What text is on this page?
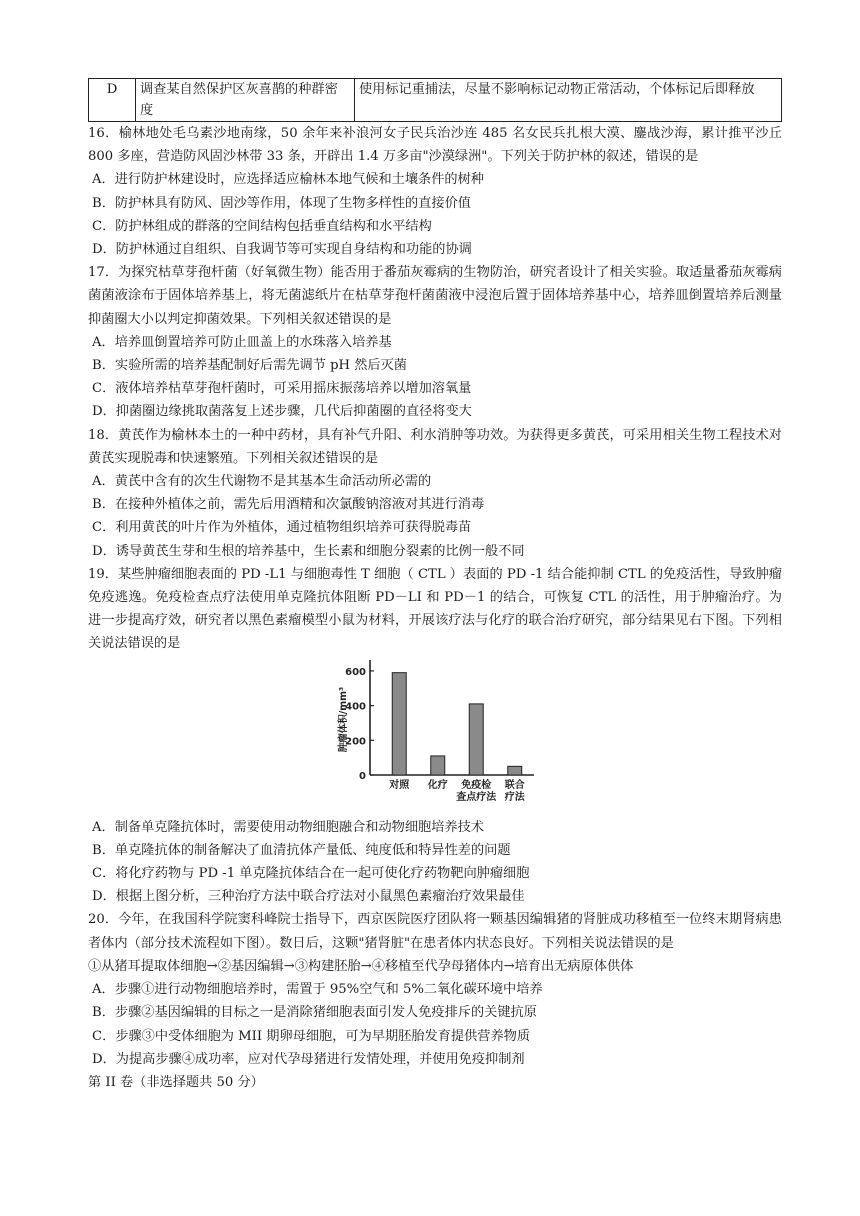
D	调查某自然保护区灰喜鹊的种群密度	使用标记重捕法，尽量不影响标记动物正常活动，个体标记后即释放

16．榆林地处毛乌素沙地南缘，50 余年来补浪河女子民兵治沙连 485 名女民兵扎根大漠、鏖战沙海，累计推平沙丘 800 多座，营造防风固沙林带 33 条，开辟出 1.4 万多亩"沙漠绿洲"。下列关于防护林的叙述，错误的是

A．进行防护林建设时，应选择适应榆林本地气候和土壤条件的树种
B．防护林具有防风、固沙等作用，体现了生物多样性的直接价值
C．防护林组成的群落的空间结构包括垂直结构和水平结构
D．防护林通过自组织、自我调节等可实现自身结构和功能的协调

17．为探究枯草芽孢杆菌（好氧微生物）能否用于番茄灰霉病的生物防治，研究者设计了相关实验。取适量番茄灰霉病菌菌液涂布于固体培养基上，将无菌滤纸片在枯草芽孢杆菌菌液中浸泡后置于固体培养基中心，培养皿倒置培养后测量抑菌圈大小以判定抑菌效果。下列相关叙述错误的是

A．培养皿倒置培养可防止皿盖上的水珠落入培养基
B．实验所需的培养基配制好后需先调节 pH 然后灭菌
C．液体培养枯草芽孢杆菌时，可采用摇床振荡培养以增加溶氧量
D．抑菌圈边缘挑取菌落复上述步骤，几代后抑菌圈的直径将变大

18．黄芪作为榆林本土的一种中药材，具有补气升阳、利水消肿等功效。为获得更多黄芪，可采用相关生物工程技术对黄芪实现脱毒和快速繁殖。下列相关叙述错误的是

A．黄芪中含有的次生代谢物不是其基本生命活动所必需的
B．在接种外植体之前，需先后用酒精和次氯酸钠溶液对其进行消毒
C．利用黄芪的叶片作为外植体，通过植物组织培养可获得脱毒苗
D．诱导黄芪生芽和生根的培养基中，生长素和细胞分裂素的比例一般不同

19．某些肿瘤细胞表面的 PD -L1 与细胞毒性 T 细胞（ CTL ）表面的 PD -1 结合能抑制 CTL 的免疫活性，导致肿瘤免疫逃逸。免疫检查点疗法使用单克隆抗体阻断 PD－LI 和 PD－1 的结合，可恢复 CTL 的活性，用于肿瘤治疗。为进一步提高疗效，研究者以黑色素瘤模型小鼠为材料，开展该疗法与化疗的联合治疗研究，部分结果见右下图。下列相关说法错误的是

0
200
400
600
肿瘤体积/mm³
对照 化疗	免疫检查点疗法
联合疗法
A．制备单克隆抗体时，需要使用动物细胞融合和动物细胞培养技术
B．单克隆抗体的制备解决了血清抗体产量低、纯度低和特异性差的问题
C．将化疗药物与 PD -1 单克隆抗体结合在一起可使化疗药物靶向肿瘤细胞
D．根据上图分析，三种治疗方法中联合疗法对小鼠黑色素瘤治疗效果最佳

20．今年，在我国科学院窦科峰院士指导下，西京医院医疗团队将一颗基因编辑猪的肾脏成功移植至一位终末期肾病患者体内（部分技术流程如下图）。数日后，这颗"猪肾脏"在患者体内状态良好。下列相关说法错误的是

①从猪耳提取体细胞→②基因编辑→③构建胚胎→④移植至代孕母猪体内→培育出无病原体供体
A．步骤①进行动物细胞培养时，需置于 95%空气和 5%二氧化碳环境中培养
B．步骤②基因编辑的目标之一是消除猪细胞表面引发人免疫排斥的关键抗原
C．步骤③中受体细胞为 MII 期卵母细胞，可为早期胚胎发育提供营养物质
D．为提高步骤④成功率，应对代孕母猪进行发情处理，并使用免疫抑制剂
第 II 卷（非选择题共 50 分）
